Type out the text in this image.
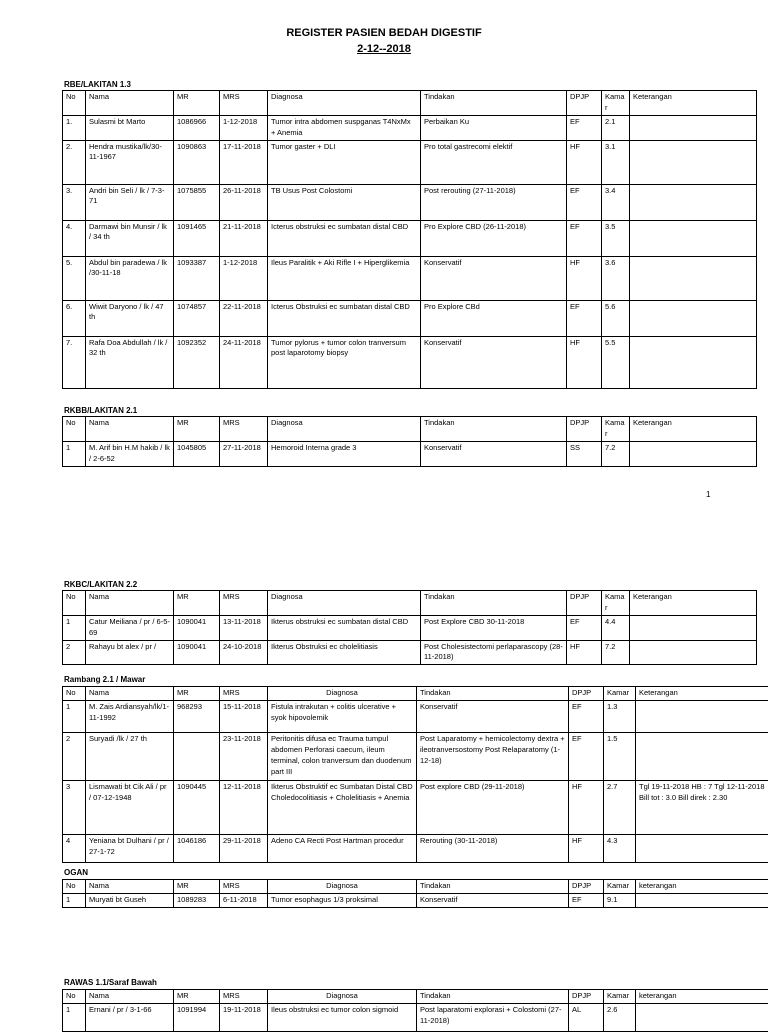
REGISTER PASIEN BEDAH DIGESTIF
2-12--2018
1
RBE/LAKITAN 1.3
No	Nama	MR	MRS	Diagnosa	Tindakan	DPJP	Kamar	Keterangan
1.	Sulasmi bt Marto	1086966	1-12-2018	Tumor intra abdomen suspganas T4NxMx + Anemia	Perbaikan Ku	EF	2.1	
2.	Hendra mustika/lk/30-11-1967	1090863	17-11-2018	Tumor gaster + DLI	Pro total gastrecomi elektif	HF	3.1	
3.	Andri bin Seli / lk / 7-3-71	1075855	26-11-2018	TB Usus Post Colostomi	Post rerouting (27-11-2018)	EF	3.4	
4.	Darmawi bin Munsir / lk / 34 th	1091465	21-11-2018	Icterus obstruksi ec sumbatan distal CBD	Pro Explore CBD (26-11-2018)	EF	3.5	
5.	Abdul bin paradewa / lk /30-11-18	1093387	1-12-2018	Ileus Paralitik + Aki Rifle I + Hiperglikemia	Konservatif	HF	3.6	
6.	Wiwit Daryono / lk / 47 th	1074857	22-11-2018	Icterus Obstruksi ec sumbatan distal CBD	Pro Explore CBd	EF	5.6	
7.	Rafa Doa Abdullah / lk / 32 th	1092352	24-11-2018	Tumor pylorus + tumor colon tranversum post laparotomy biopsy	Konservatif	HF	5.5	
RKBB/LAKITAN 2.1
No	Nama	MR	MRS	Diagnosa	Tindakan	DPJP	Kamar	Keterangan
1	M. Arif bin H.M hakib / lk / 2-6-52	1045805	27-11-2018	Hemoroid Interna grade 3	Konservatif	SS	7.2	
RKBC/LAKITAN 2.2
No	Nama	MR	MRS	Diagnosa	Tindakan	DPJP	Kamar	Keterangan
1	Catur Meiliana / pr / 6-5-69	1090041	13-11-2018	Ikterus obstruksi ec sumbatan distal CBD	Post Explore CBD 30-11-2018	EF	4.4	
2	Rahayu bt alex / pr /	1090041	24-10-2018	Ikterus Obstruksi ec cholelitiasis	Post Cholesistectomi perlaparascopy (28-11-2018)	HF	7.2	
Rambang 2.1 / Mawar
No	Nama	MR	MRS	Diagnosa	Tindakan	DPJP	Kamar	Keterangan
1	M. Zais Ardiansyah/lk/1-11-1992	968293	15-11-2018	Fistula intrakutan + colitis ulcerative + syok hipovolemik	Konservatif	EF	1.3	
2	Suryadi /lk / 27 th		23-11-2018	Peritonitis difusa ec Trauma tumpul abdomen Perforasi caecum, ileum terminal, colon tranversum dan duodenum part III	Post Laparatomy + hemicolectomy dextra + ileotranversostomy Post Relaparatomy (1-12-18)	EF	1.5	
3	Lismawati bt Cik Ali / pr / 07-12-1948	1090445	12-11-2018	Ikterus Obstruktif ec Sumbatan Distal CBD Choledocolitiasis + Cholelitiasis + Anemia	Post explore CBD (29-11-2018)	HF	2.7	Tgl 19-11-2018 HB : 7 Tgl 12-11-2018 Bill tot : 3.0 Bill direk : 2.30
4	Yeniana bt Dulhani / pr / 27-1-72	1046186	29-11-2018	Adeno CA Recti Post Hartman procedur	Rerouting (30-11-2018)	HF	4.3	
OGAN
No	Nama	MR	MRS	Diagnosa	Tindakan	DPJP	Kamar	keterangan
1	Muryati bt Guseh	1089283	6-11-2018	Tumor esophagus 1/3 proksimal	Konservatif	EF	9.1	
RAWAS 1.1/Saraf Bawah
No	Nama	MR	MRS	Diagnosa	Tindakan	DPJP	Kamar	keterangan
1	Ernani / pr / 3-1-66	1091994	19-11-2018	Ileus obstruksi ec tumor colon sigmoid	Post laparatomi explorasi + Colostomi (27-11-2018)	AL	2.6	
